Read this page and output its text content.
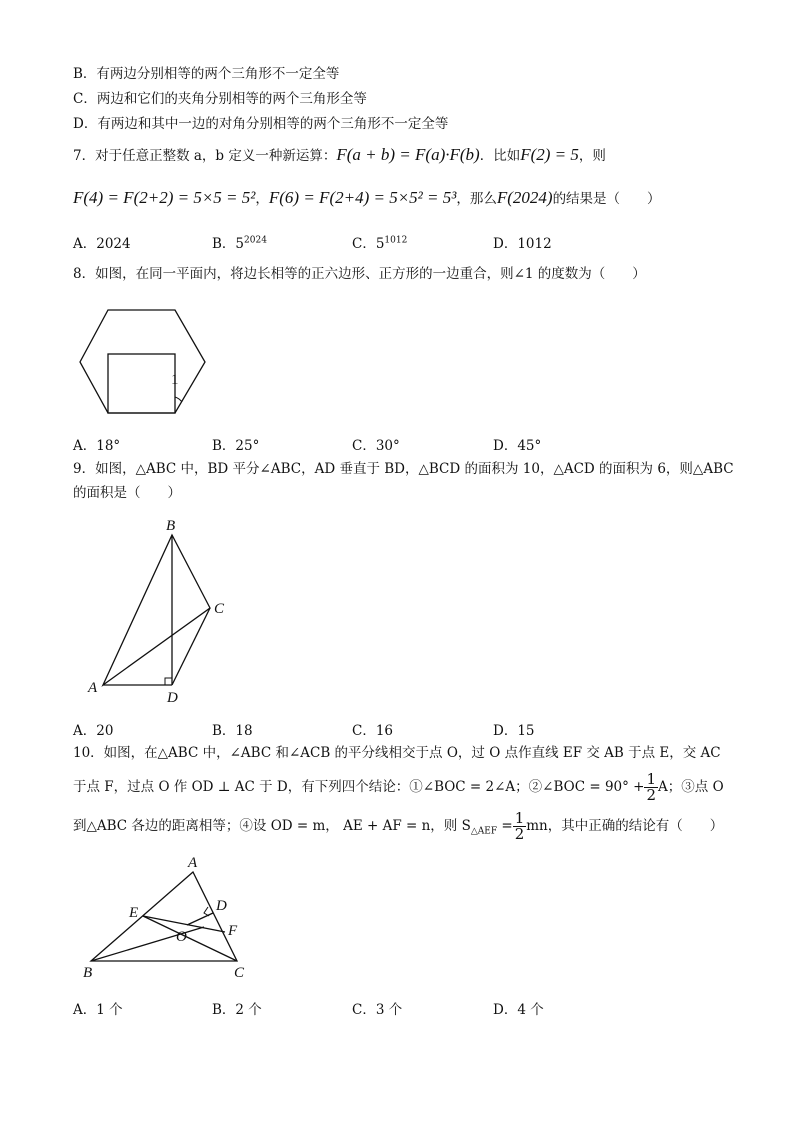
B．有两边分别相等的两个三角形不一定全等
C．两边和它们的夹角分别相等的两个三角形全等
D．有两边和其中一边的对角分别相等的两个三角形不一定全等
7．对于任意正整数 a，b 定义一种新运算：F(a + b) = F(a)·F(b)．比如F(2) = 5，则
F(4) = F(2+2) = 5×5 = 5²，F(6) = F(2+4) = 5×5² = 5³，那么F(2024)的结果是（　　）
A．2024	B．$5^{2024}$	C．$5^{1012}$	D．1012
8．如图，在同一平面内，将边长相等的正六边形、正方形的一边重合，则∠1 的度数为（　　）
1
A．18°	B．25°	C．30°	D．45°
9．如图，△ABC 中，BD 平分∠ABC，AD 垂直于 BD，△BCD 的面积为 10，△ACD 的面积为 6，则△ABC
的面积是（　　）
B
C
A
D
A．20	B．18	C．16	D．15
10．如图，在△ABC 中，∠ABC 和∠ACB 的平分线相交于点 O，过 O 点作直线 EF 交 AB 于点 E，交 AC
于点 F，过点 O 作 OD ⊥ AC 于 D，有下列四个结论：①∠BOC = 2∠A；②∠BOC = $90^\circ + \frac{1}{2}$ A；③点 O
到△ABC 各边的距离相等；④设 OD = m， AE + AF = n，则 $S_{\triangle AEF} = \frac{1}{2}$ mn，其中正确的结论有（　　）
A
E	D
O	F
B	C
A．1 个	B．2 个	C．3 个	D．4 个
